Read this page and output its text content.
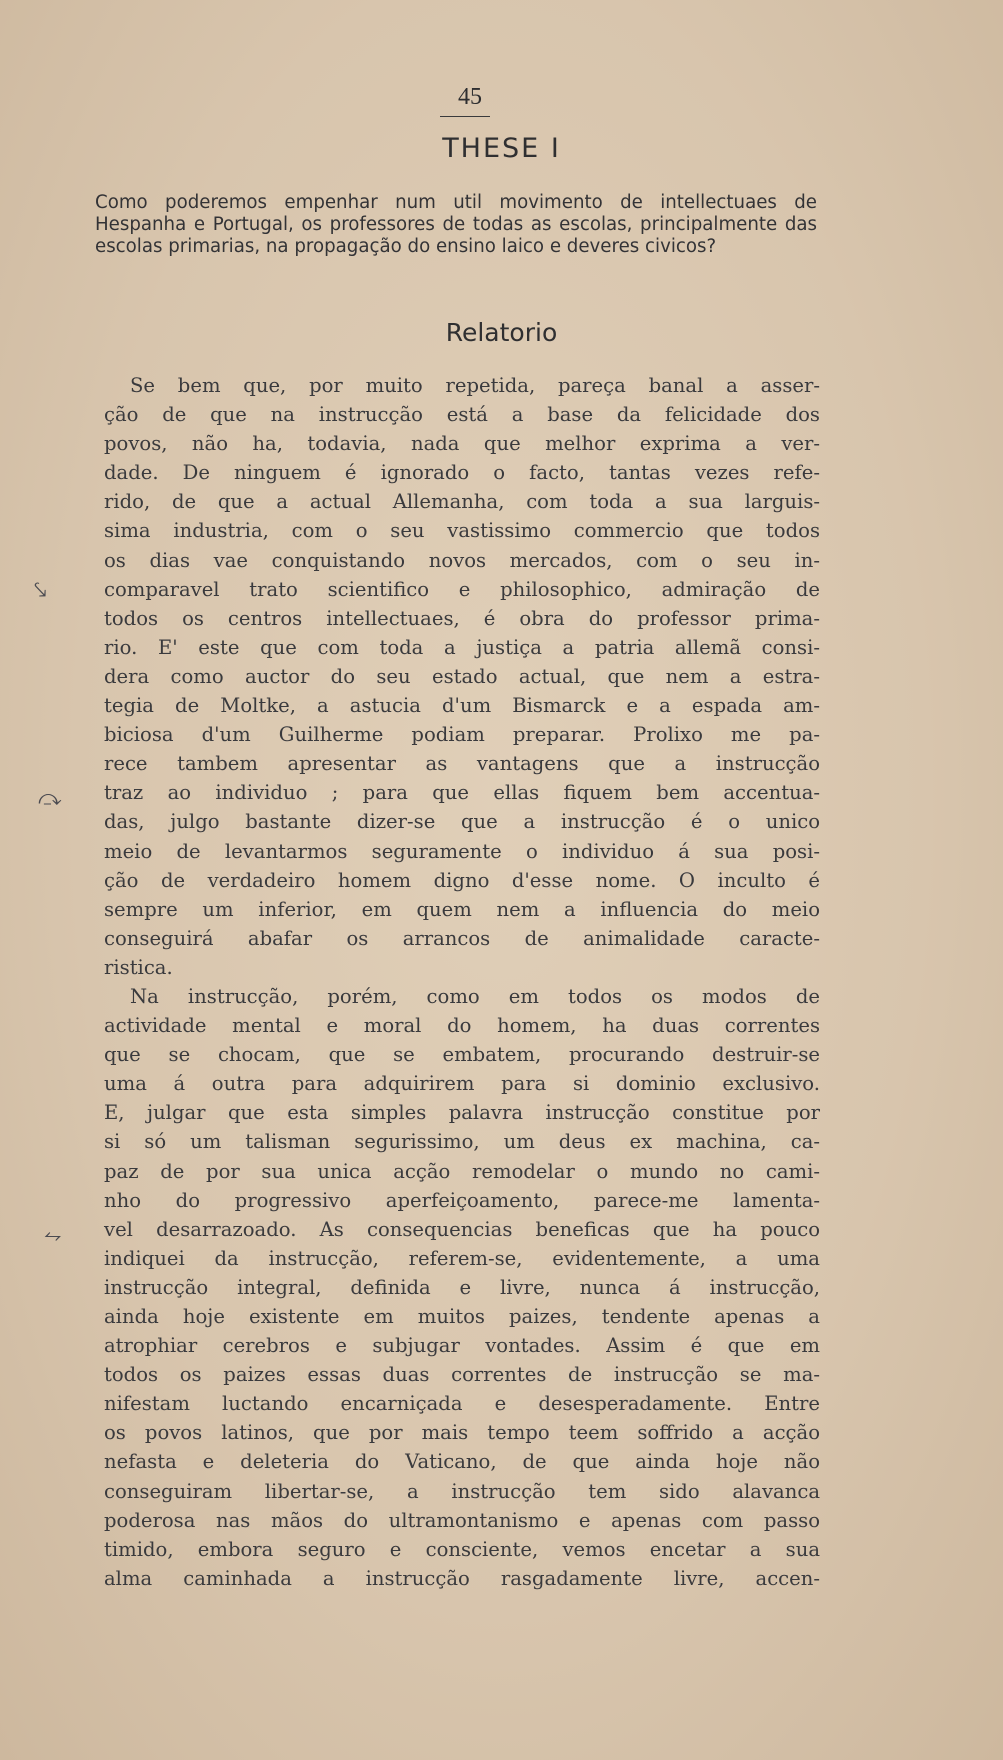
45
THESE I
Como poderemos empenhar num util movimento de intellectuaes de Hespanha e Portugal, os professores de todas as escolas, principalmente das escolas primarias, na propagação do ensino laico e deveres civicos?
Relatorio
Se bem que, por muito repetida, pareça banal a asser-
ção de que na instrucção está a base da felicidade dos
povos, não ha, todavia, nada que melhor exprima a ver-
dade. De ninguem é ignorado o facto, tantas vezes refe-
rido, de que a actual Allemanha, com toda a sua larguis-
sima industria, com o seu vastissimo commercio que todos
os dias vae conquistando novos mercados, com o seu in-
comparavel trato scientifico e philosophico, admiração de
todos os centros intellectuaes, é obra do professor prima-
rio. E' este que com toda a justiça a patria allemã consi-
dera como auctor do seu estado actual, que nem a estra-
tegia de Moltke, a astucia d'um Bismarck e a espada am-
biciosa d'um Guilherme podiam preparar. Prolixo me pa-
rece tambem apresentar as vantagens que a instrucção
traz ao individuo ; para que ellas fiquem bem accentua-
das, julgo bastante dizer-se que a instrucção é o unico
meio de levantarmos seguramente o individuo á sua posi-
ção de verdadeiro homem digno d'esse nome. O inculto é
sempre um inferior, em quem nem a influencia do meio
conseguirá abafar os arrancos de animalidade caracte-
ristica.
Na instrucção, porém, como em todos os modos de
actividade mental e moral do homem, ha duas correntes
que se chocam, que se embatem, procurando destruir-se
uma á outra para adquirirem para si dominio exclusivo.
E, julgar que esta simples palavra instrucção constitue por
si só um talisman segurissimo, um deus ex machina, ca-
paz de por sua unica acção remodelar o mundo no cami-
nho do progressivo aperfeiçoamento, parece-me lamenta-
vel desarrazoado. As consequencias beneficas que ha pouco
indiquei da instrucção, referem-se, evidentemente, a uma
instrucção integral, definida e livre, nunca á instrucção,
ainda hoje existente em muitos paizes, tendente apenas a
atrophiar cerebros e subjugar vontades. Assim é que em
todos os paizes essas duas correntes de instrucção se ma-
nifestam luctando encarniçada e desesperadamente. Entre
os povos latinos, que por mais tempo teem soffrido a acção
nefasta e deleteria do Vaticano, de que ainda hoje não
conseguiram libertar-se, a instrucção tem sido alavanca
poderosa nas mãos do ultramontanismo e apenas com passo
timido, embora seguro e consciente, vemos encetar a sua
alma caminhada a instrucção rasgadamente livre, accen-
⤥
⤼
⥊
